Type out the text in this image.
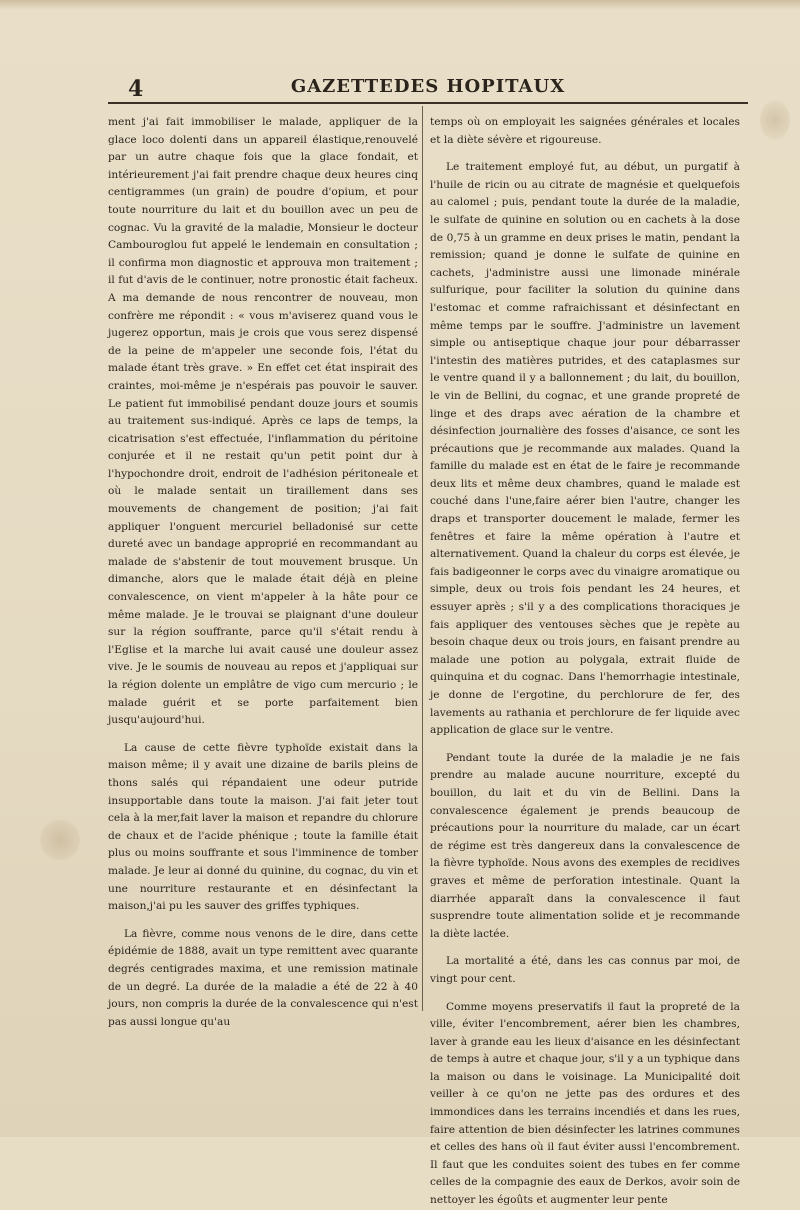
4	GAZETTEDES HOPITAUX

ment j'ai fait immobiliser le malade, appliquer de la glace loco dolenti dans un appareil élastique,renouvelé par un autre chaque fois que la glace fondait, et intérieurement j'ai fait prendre chaque deux heures cinq centigrammes (un grain) de poudre d'opium, et pour toute nourriture du lait et du bouillon avec un peu de cognac. Vu la gravité de la maladie, Monsieur le docteur Cambouroglou fut appelé le lendemain en consultation ; il confirma mon diagnostic et approuva mon traitement ; il fut d'avis de le continuer, notre pronostic était facheux. A ma demande de nous rencontrer de nouveau, mon confrère me répondit : « vous m'aviserez quand vous le jugerez opportun, mais je crois que vous serez dispensé de la peine de m'appeler une seconde fois, l'état du malade étant très grave. » En effet cet état inspirait des craintes, moi-même je n'espérais pas pouvoir le sauver. Le patient fut immobilisé pendant douze jours et soumis au traitement sus-indiqué. Après ce laps de temps, la cicatrisation s'est effectuée, l'inflammation du péritoine conjurée et il ne restait qu'un petit point dur à l'hypochondre droit, endroit de l'adhésion péritoneale et où le malade sentait un tiraillement dans ses mouvements de changement de position; j'ai fait appliquer l'onguent mercuriel belladonisé sur cette dureté avec un bandage approprié en recommandant au malade de s'abstenir de tout mouvement brusque. Un dimanche, alors que le malade était déjà en pleine convalescence, on vient m'appeler à la hâte pour ce même malade. Je le trouvai se plaignant d'une douleur sur la région souffrante, parce qu'il s'était rendu à l'Eglise et la marche lui avait causé une douleur assez vive. Je le soumis de nouveau au repos et j'appliquai sur la région dolente un emplâtre de vigo cum mercurio ; le malade guérit et se porte parfaitement bien jusqu'aujourd'hui.

La cause de cette fièvre typhoïde existait dans la maison même; il y avait une dizaine de barils pleins de thons salés qui répandaient une odeur putride insupportable dans toute la maison. J'ai fait jeter tout cela à la mer,fait laver la maison et repandre du chlorure de chaux et de l'acide phénique ; toute la famille était plus ou moins souffrante et sous l'imminence de tomber malade. Je leur ai donné du quinine, du cognac, du vin et une nourriture restaurante et en désinfectant la maison,j'ai pu les sauver des griffes typhiques.

La fièvre, comme nous venons de le dire, dans cette épidémie de 1888, avait un type remittent avec quarante degrés centigrades maxima, et une remission matinale de un degré. La durée de la maladie a été de 22 à 40 jours, non compris la durée de la convalescence qui n'est pas aussi longue qu'au

temps où on employait les saignées générales et locales et la diète sévère et rigoureuse.

Le traitement employé fut, au début, un purgatif à l'huile de ricin ou au citrate de magnésie et quelquefois au calomel ; puis, pendant toute la durée de la maladie, le sulfate de quinine en solution ou en cachets à la dose de 0,75 à un gramme en deux prises le matin, pendant la remission; quand je donne le sulfate de quinine en cachets, j'administre aussi une limonade minérale sulfurique, pour faciliter la solution du quinine dans l'estomac et comme rafraichissant et désinfectant en même temps par le souffre. J'administre un lavement simple ou antiseptique chaque jour pour débarrasser l'intestin des matières putrides, et des cataplasmes sur le ventre quand il y a ballonnement ; du lait, du bouillon, le vin de Bellini, du cognac, et une grande propreté de linge et des draps avec aération de la chambre et désinfection journalière des fosses d'aisance, ce sont les précautions que je recommande aux malades. Quand la famille du malade est en état de le faire je recommande deux lits et même deux chambres, quand le malade est couché dans l'une,faire aérer bien l'autre, changer les draps et transporter doucement le malade, fermer les fenêtres et faire la même opération à l'autre et alternativement. Quand la chaleur du corps est élevée, je fais badigeonner le corps avec du vinaigre aromatique ou simple, deux ou trois fois pendant les 24 heures, et essuyer après ; s'il y a des complications thoraciques je fais appliquer des ventouses sèches que je repète au besoin chaque deux ou trois jours, en faisant prendre au malade une potion au polygala, extrait fluide de quinquina et du cognac. Dans l'hemorrhagie intestinale, je donne de l'ergotine, du perchlorure de fer, des lavements au rathania et perchlorure de fer liquide avec application de glace sur le ventre.

Pendant toute la durée de la maladie je ne fais prendre au malade aucune nourriture, excepté du bouillon, du lait et du vin de Bellini. Dans la convalescence également je prends beaucoup de précautions pour la nourriture du malade, car un écart de régime est très dangereux dans la convalescence de la fièvre typhoïde. Nous avons des exemples de recidives graves et même de perforation intestinale. Quant la diarrhée apparaît dans la convalescence il faut susprendre toute alimentation solide et je recommande la diète lactée.

La mortalité a été, dans les cas connus par moi, de vingt pour cent.

Comme moyens preservatifs il faut la propreté de la ville, éviter l'encombrement, aérer bien les chambres, laver à grande eau les lieux d'aisance en les désinfectant de temps à autre et chaque jour, s'il y a un typhique dans la maison ou dans le voisinage. La Municipalité doit veiller à ce qu'on ne jette pas des ordures et des immondices dans les terrains incendiés et dans les rues, faire attention de bien désinfecter les latrines communes et celles des hans où il faut éviter aussi l'encombrement. Il faut que les conduites soient des tubes en fer comme celles de la compagnie des eaux de Derkos, avoir soin de nettoyer les égoûts et augmenter leur pente
